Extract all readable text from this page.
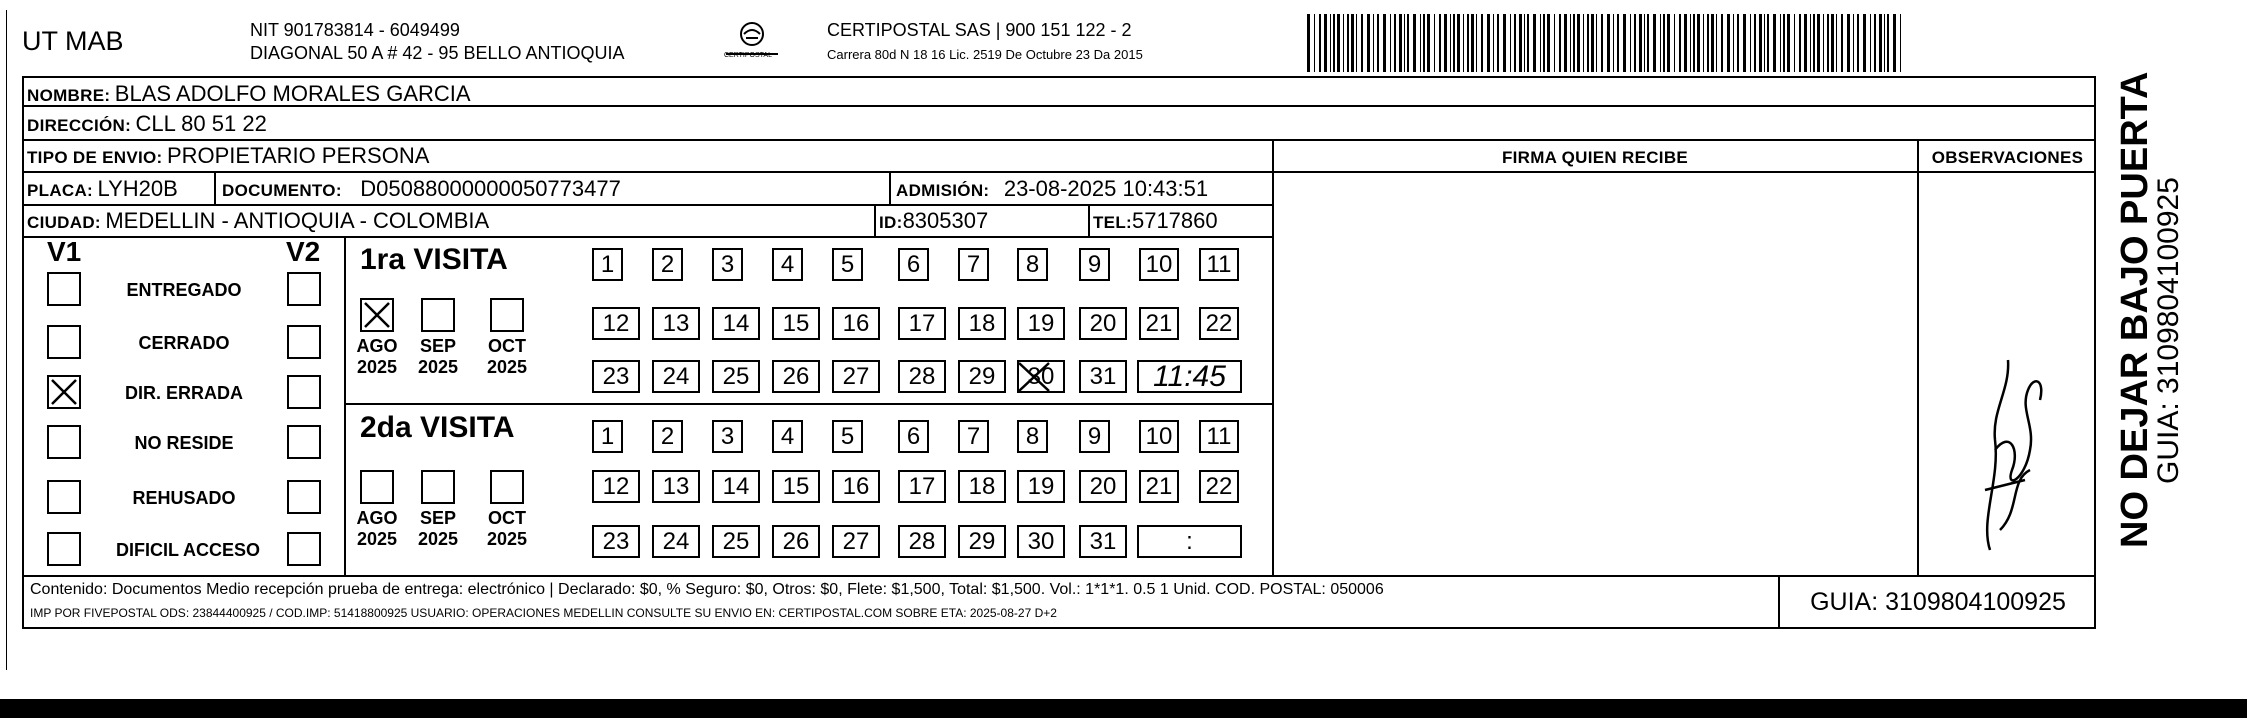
UT MAB	NIT 901783814 - 6049499
DIAGONAL 50 A # 42 - 95 BELLO ANTIOQUIA	CERTIPOSTAL
CERTIPOSTAL SAS | 900 151 122 - 2
Carrera 80d N 18 16 Lic. 2519 De Octubre 23 Da 2015
NOMBRE: BLAS ADOLFO MORALES GARCIA
DIRECCIÓN: CLL 80 51 22
TIPO DE ENVIO: PROPIETARIO PERSONA
PLACA: LYH20B	DOCUMENTO: D05088000000050773477	ADMISIÓN: 23-08-2025 10:43:51
CIUDAD: MEDELLIN - ANTIOQUIA - COLOMBIA	ID:8305307	TEL:5717860
FIRMA QUIEN RECIBE	OBSERVACIONES
V1	V2
ENTREGADO
CERRADO
DIR. ERRADA
NO RESIDE
REHUSADO
DIFICIL ACCESO
1ra VISITA
AGO
2025
SEP
2025
OCT
2025
1	2	3	4	5	6	7	8	9	10	11
12	13	14	15	16	17	18	19	20	21 22
23	24	25	26	27	28	29	30	31	11:45
2da VISITA
AGO
2025
SEP
2025
OCT
2025
1	2	3	4	5	6	7	8	9	10	11
12	13	14	15	16	17	18	19	20	21 22
23	24	25	26	27	28	29	30	31	:
Contenido: Documentos Medio recepción prueba de entrega: electrónico | Declarado: $0, % Seguro: $0, Otros: $0, Flete: $1,500, Total: $1,500. Vol.: 1*1*1. 0.5 1 Unid. COD. POSTAL: 050006
IMP POR FIVEPOSTAL ODS: 23844400925 / COD.IMP: 51418800925 USUARIO: OPERACIONES MEDELLIN CONSULTE SU ENVIO EN: CERTIPOSTAL.COM SOBRE ETA: 2025-08-27 D+2	GUIA: 3109804100925
NO DEJAR BAJO PUERTA
GUIA: 3109804100925
